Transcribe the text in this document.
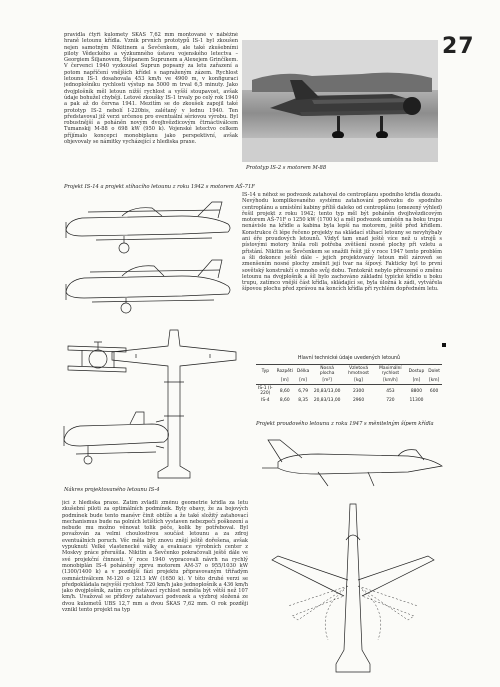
27
pravidla čtyři kulomety ŠKAS 7,62 mm montované v náběžné hraně letounu křídla. Vznik prvních prototypů IS-1 byl zkoušen nejen samotným Nikitinem a Ševčenkem, ale také zkušebními piloty Vědeckého a výzkumného ústavu vojenského letectva – Georgiem Šiljanovem, Štěpanem Suprunem a Alexejem Grinčíkem. V červenci 1940 vyzkoušel Suprun popsaný za letu zařazení a potom napříčení vnějších křídel s napraženým zázem. Rychlost letounu IS-1 dosahovala 453 km/h ve 4900 m, v konfiguraci jednoplošníku rychlosti výstup na 5000 m trval 6,5 minuty. Jako dvojplošník měl letoun nižší rychlost a vyšší stoupavost, avšak údaje bohužel chybějí. Letové zkoušky IS-1 trvaly po celý rok 1940 a pak až do června 1941. Mezitím se do zkoušek zapojil také prototyp IS-2 nebolí I-220bis, zalétaný v lednu 1940. Ten představoval již verzi určenou pro eventuální sériovou výrobu. Byl robustnější a poháněn novým dvojhvězdicovým čtrnáctiválcem Tumanskij M-88 o 698 kW (950 k). Vojenské letectvo celkem příjímalo koncepci monobiplanu jako perspektivní, avšak objevovaly se námitky vycházející z hlediska praxe.
Prototyp IS-2 s motorem M-88
IS-14 u něhož se podvozek zatahoval do centroplánu spodního křídla dozadu. Nevýhodu komplikovaného systému zatahování podvozku do spodního centroplánu a umístění kabiny příliš daleko od centroplánu (omezený výhled) řešil projekt z roku 1942; tento typ měl být poháněn dvojhvězdicovým motorem AŠ-71F o 1250 kW (1700 k) a měl podvozek umístěn na boku trupu nenávisle na křídle a kabina byla lepší na motorem, ještě před křídlem. Konstrukce či lépe řečeno projekty na skládací stíhací letouny se nevyhýbaly ani éře proudových letounů. Vždyť tam snad ještě více než u strojů s pístovými motory hrála roli potřeba zvětšení nosné plochy při vzletu a přistání. Nikitin se Ševčenkem se snažili řešit již v roce 1947 tento problém a šli dokonce ještě dále – jejich projektovaný letoun měl zároveň se zmenšením nosné plochy změnit její tvar na šípový. Fakticky byl to první sovětský konstrukčí o mnoho svůj dobu. Tentokrát nebylo přirozené o změnu letounu na dvojplošník a šíl bylo zachováno základní typické křídlo u boku trupu, zatímco vnější část křídla, skládající se, byla úložná k zádi, vytvářela šípovou plochu před zprávou na koncích křídla při rychlém dopředném letu.
Projekt IS-14 a projekt stíhacího letounu z roku 1942 s motorem AŠ-71F
Nákres projektovaného letounu IS-4
Hlavní technické údaje uvedených letounů
Typ	Rozpětí	Délka	Nosná plocha	Vzletová hmotnost	Maximální rychlost	Dostup	Dolet
	[m]	[m]	[m²]	[kg]	[km/h]	[m]	[km]
IS-1 (I-220)	8,60	6,79	20,83/13,00	2300	453	8800	600
IS-4	8,60	8,35	20,83/13,00	2960	720	11300	
Projekt proudového letounu z roku 1947 s měnitelným šípem křídla
jící z hlediska praxe. Zatím zvládli změnu geometrie křídla za letu zkušební piloti za optimálních podmínek. Byly obavy, že za bojových podmínek bude tento manévr činit obtíže a že také složitý zatahovací mechanismus bude na polních letištích vystaven nebezpečí poškození a nebude mu možno věnovat tolik péče, kolik by potřeboval. Byl považován za velmi choulostivou součást letounu a za zdroj eventuálních poruch. Věc měla být znovu znějí ještě dořešena, avšak vypuknutí Velké vlastenecké války a evakuace výrobních center z Moskvy práce přerušila. Nikitin a Ševčenko pokračovali ještě dále ve své projekční činnosti. V roce 1940 vypracovali návrh na rychlý monobiplán IS-4 poháněný zprvu motorem AM-37 o 955/1030 kW (1300/1400 k) a v pozdější fázi projektu připravovaným třiřadým osmnáctiválcem M-120 o 1213 kW (1650 k). V této druhé verzi se předpokládala nejvyšší rychlost 720 km/h jako jednoplošník a 436 km/h jako dvojplošník, zatím co přistávací rychlost neměla být větší než 107 km/h. Uvažoval se příďový zatahovací podvozek a výzbroj složená ze dvou kulometů UBS 12,7 mm a dvou ŠKAS 7,62 mm. O rok později vznikl tento projekt na typ
